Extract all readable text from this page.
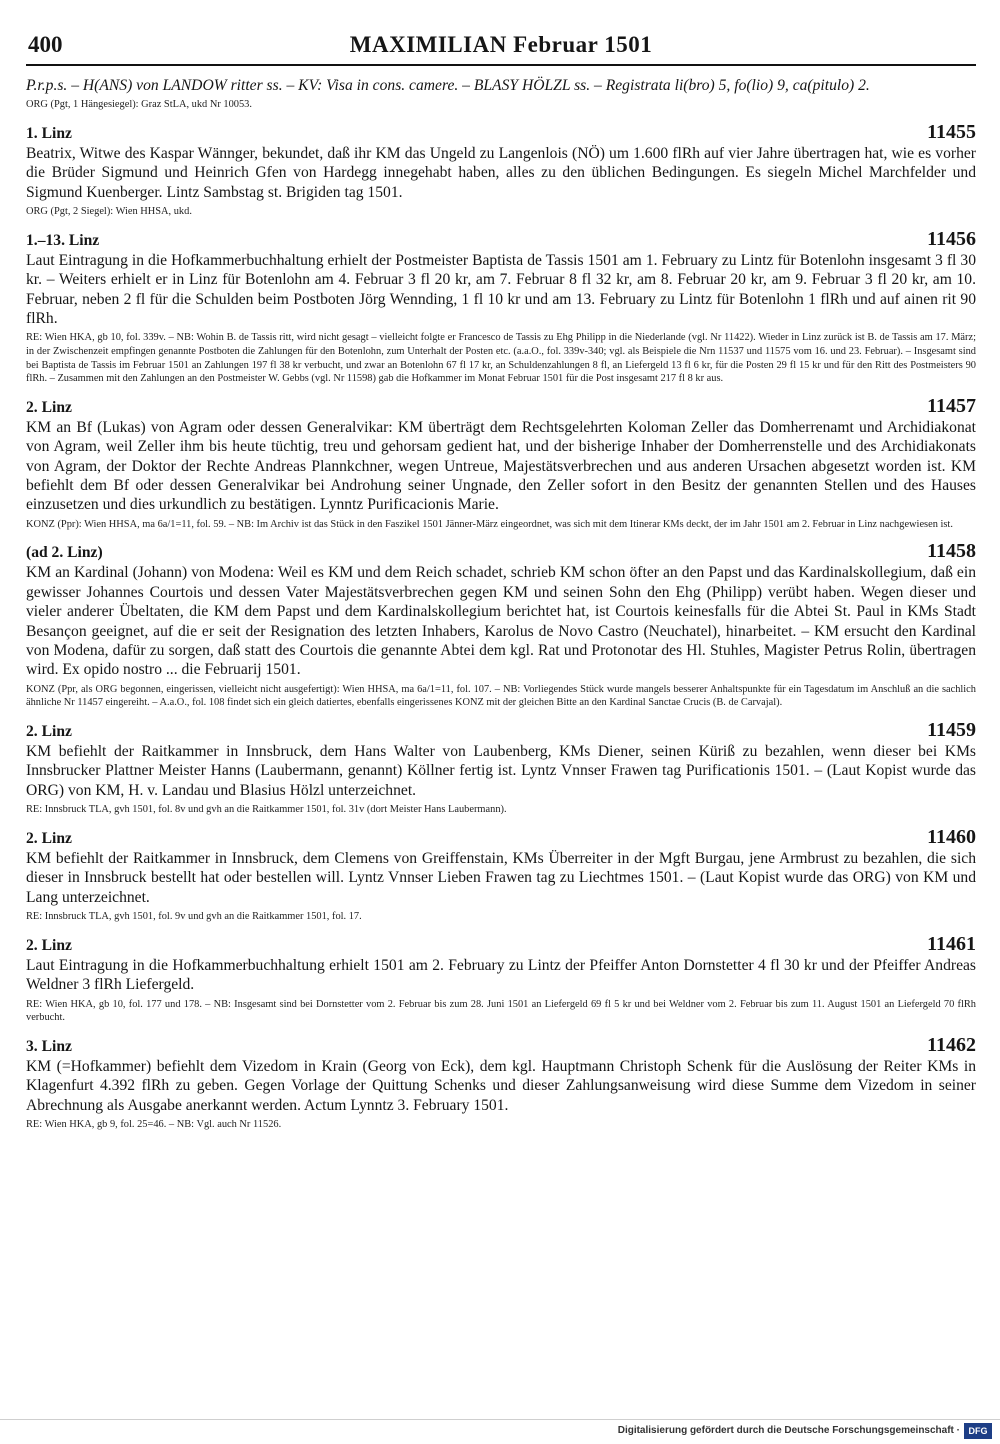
400	MAXIMILIAN Februar 1501
P.r.p.s. – H(ANS) von LANDOW ritter ss. – KV: Visa in cons. camere. – BLASY HÖLZL ss. – Registrata li(bro) 5, fo(lio) 9, ca(pitulo) 2.
ORG (Pgt, 1 Hängesiegel): Graz StLA, ukd Nr 10053.
1. Linz	11455
Beatrix, Witwe des Kaspar Wännger, bekundet, daß ihr KM das Ungeld zu Langenlois (NÖ) um 1.600 flRh auf vier Jahre übertragen hat, wie es vorher die Brüder Sigmund und Heinrich Gfen von Hardegg innegehabt haben, alles zu den üblichen Bedingungen. Es siegeln Michel Marchfelder und Sigmund Kuenberger. Lintz Sambstag st. Brigiden tag 1501.
ORG (Pgt, 2 Siegel): Wien HHSA, ukd.
1.–13. Linz	11456
Laut Eintragung in die Hofkammerbuchhaltung erhielt der Postmeister Baptista de Tassis 1501 am 1. February zu Lintz für Botenlohn insgesamt 3 fl 30 kr. – Weiters erhielt er in Linz für Botenlohn am 4. Februar 3 fl 20 kr, am 7. Februar 8 fl 32 kr, am 8. Februar 20 kr, am 9. Februar 3 fl 20 kr, am 10. Februar, neben 2 fl für die Schulden beim Postboten Jörg Wennding, 1 fl 10 kr und am 13. February zu Lintz für Botenlohn 1 flRh und auf ainen rit 90 flRh.
RE: Wien HKA, gb 10, fol. 339v. – NB: Wohin B. de Tassis ritt, wird nicht gesagt – vielleicht folgte er Francesco de Tassis zu Ehg Philipp in die Niederlande (vgl. Nr 11422). Wieder in Linz zurück ist B. de Tassis am 17. März; in der Zwischenzeit empfingen genannte Postboten die Zahlungen für den Botenlohn, zum Unterhalt der Posten etc. (a.a.O., fol. 339v-340; vgl. als Beispiele die Nrn 11537 und 11575 vom 16. und 23. Februar). – Insgesamt sind bei Baptista de Tassis im Februar 1501 an Zahlungen 197 fl 38 kr verbucht, und zwar an Botenlohn 67 fl 17 kr, an Schuldenzahlungen 8 fl, an Liefergeld 13 fl 6 kr, für die Posten 29 fl 15 kr und für den Ritt des Postmeisters 90 flRh. – Zusammen mit den Zahlungen an den Postmeister W. Gebbs (vgl. Nr 11598) gab die Hofkammer im Monat Februar 1501 für die Post insgesamt 217 fl 8 kr aus.
2. Linz	11457
KM an Bf (Lukas) von Agram oder dessen Generalvikar: KM überträgt dem Rechtsgelehrten Koloman Zeller das Domherrenamt und Archidiakonat von Agram, weil Zeller ihm bis heute tüchtig, treu und gehorsam gedient hat, und der bisherige Inhaber der Domherrenstelle und des Archidiakonats von Agram, der Doktor der Rechte Andreas Plannkchner, wegen Untreue, Majestätsverbrechen und aus anderen Ursachen abgesetzt worden ist. KM befiehlt dem Bf oder dessen Generalvikar bei Androhung seiner Ungnade, den Zeller sofort in den Besitz der genannten Stellen und des Hauses einzusetzen und dies urkundlich zu bestätigen. Lynntz Purificacionis Marie.
KONZ (Ppr): Wien HHSA, ma 6a/1=11, fol. 59. – NB: Im Archiv ist das Stück in den Faszikel 1501 Jänner-März eingeordnet, was sich mit dem Itinerar KMs deckt, der im Jahr 1501 am 2. Februar in Linz nachgewiesen ist.
(ad 2. Linz)	11458
KM an Kardinal (Johann) von Modena: Weil es KM und dem Reich schadet, schrieb KM schon öfter an den Papst und das Kardinalskollegium, daß ein gewisser Johannes Courtois und dessen Vater Majestätsverbrechen gegen KM und seinen Sohn den Ehg (Philipp) verübt haben. Wegen dieser und vieler anderer Übeltaten, die KM dem Papst und dem Kardinalskollegium berichtet hat, ist Courtois keinesfalls für die Abtei St. Paul in KMs Stadt Besançon geeignet, auf die er seit der Resignation des letzten Inhabers, Karolus de Novo Castro (Neuchatel), hinarbeitet. – KM ersucht den Kardinal von Modena, dafür zu sorgen, daß statt des Courtois die genannte Abtei dem kgl. Rat und Protonotar des Hl. Stuhles, Magister Petrus Rolin, übertragen wird. Ex opido nostro ... die Februarij 1501.
KONZ (Ppr, als ORG begonnen, eingerissen, vielleicht nicht ausgefertigt): Wien HHSA, ma 6a/1=11, fol. 107. – NB: Vorliegendes Stück wurde mangels besserer Anhaltspunkte für ein Tagesdatum im Anschluß an die sachlich ähnliche Nr 11457 eingereiht. – A.a.O., fol. 108 findet sich ein gleich datiertes, ebenfalls eingerissenes KONZ mit der gleichen Bitte an den Kardinal Sanctae Crucis (B. de Carvajal).
2. Linz	11459
KM befiehlt der Raitkammer in Innsbruck, dem Hans Walter von Laubenberg, KMs Diener, seinen Küriß zu bezahlen, wenn dieser bei KMs Innsbrucker Plattner Meister Hanns (Laubermann, genannt) Köllner fertig ist. Lyntz Vnnser Frawen tag Purificationis 1501. – (Laut Kopist wurde das ORG) von KM, H. v. Landau und Blasius Hölzl unterzeichnet.
RE: Innsbruck TLA, gvh 1501, fol. 8v und gvh an die Raitkammer 1501, fol. 31v (dort Meister Hans Laubermann).
2. Linz	11460
KM befiehlt der Raitkammer in Innsbruck, dem Clemens von Greiffenstain, KMs Überreiter in der Mgft Burgau, jene Armbrust zu bezahlen, die sich dieser in Innsbruck bestellt hat oder bestellen will. Lyntz Vnnser Lieben Frawen tag zu Liechtmes 1501. – (Laut Kopist wurde das ORG) von KM und Lang unterzeichnet.
RE: Innsbruck TLA, gvh 1501, fol. 9v und gvh an die Raitkammer 1501, fol. 17.
2. Linz	11461
Laut Eintragung in die Hofkammerbuchhaltung erhielt 1501 am 2. February zu Lintz der Pfeiffer Anton Dornstetter 4 fl 30 kr und der Pfeiffer Andreas Weldner 3 flRh Liefergeld.
RE: Wien HKA, gb 10, fol. 177 und 178. – NB: Insgesamt sind bei Dornstetter vom 2. Februar bis zum 28. Juni 1501 an Liefergeld 69 fl 5 kr und bei Weldner vom 2. Februar bis zum 11. August 1501 an Liefergeld 70 flRh verbucht.
3. Linz	11462
KM (=Hofkammer) befiehlt dem Vizedom in Krain (Georg von Eck), dem kgl. Hauptmann Christoph Schenk für die Auslösung der Reiter KMs in Klagenfurt 4.392 flRh zu geben. Gegen Vorlage der Quittung Schenks und dieser Zahlungsanweisung wird diese Summe dem Vizedom in seiner Abrechnung als Ausgabe anerkannt werden. Actum Lynntz 3. February 1501.
RE: Wien HKA, gb 9, fol. 25=46. – NB: Vgl. auch Nr 11526.
Digitalisierung gefördert durch die Deutsche Forschungsgemeinschaft · DFG
